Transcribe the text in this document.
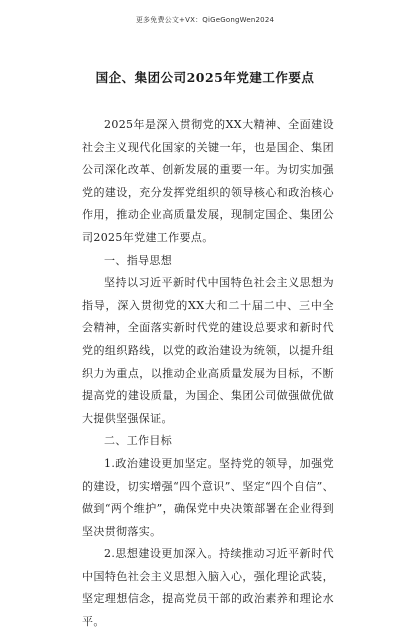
更多免费公文+VX：QiGeGongWen2024
国企、集团公司2025年党建工作要点

2025年是深入贯彻党的XX大精神、全面建设社会主义现代化国家的关键一年，也是国企、集团公司深化改革、创新发展的重要一年。为切实加强党的建设，充分发挥党组织的领导核心和政治核心作用，推动企业高质量发展，现制定国企、集团公司2025年党建工作要点。

一、指导思想

坚持以习近平新时代中国特色社会主义思想为指导，深入贯彻党的XX大和二十届二中、三中全会精神，全面落实新时代党的建设总要求和新时代党的组织路线，以党的政治建设为统领，以提升组织力为重点，以推动企业高质量发展为目标，不断提高党的建设质量，为国企、集团公司做强做优做大提供坚强保证。

二、工作目标

1.政治建设更加坚定。坚持党的领导，加强党的建设，切实增强“四个意识”、坚定“四个自信”、做到“两个维护”，确保党中央决策部署在企业得到坚决贯彻落实。

2.思想建设更加深入。持续推动习近平新时代中国特色社会主义思想入脑入心，强化理论武装，坚定理想信念，提高党员干部的政治素养和理论水平。
